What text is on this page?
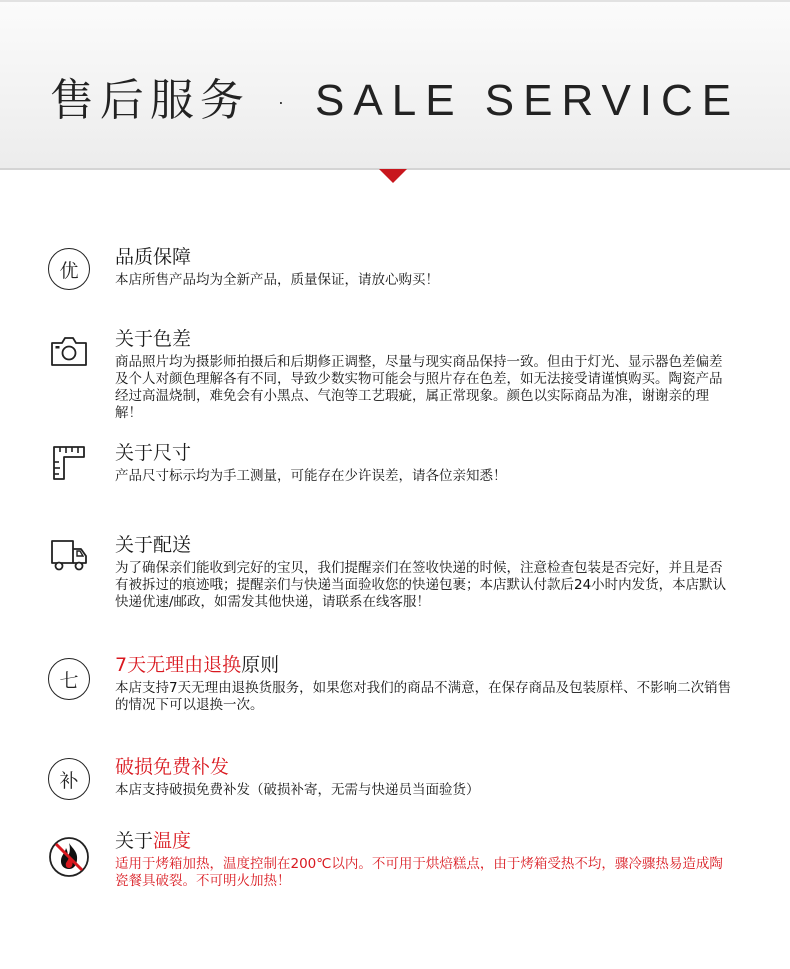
售后服务 · SALE SERVICE
优
品质保障
本店所售产品均为全新产品，质量保证，请放心购买！
关于色差
商品照片均为摄影师拍摄后和后期修正调整，尽量与现实商品保持一致。但由于灯光、显示器色差偏差及个人对颜色理解各有不同，导致少数实物可能会与照片存在色差，如无法接受请谨慎购买。陶瓷产品经过高温烧制，难免会有小黑点、气泡等工艺瑕疵，属正常现象。颜色以实际商品为准，谢谢亲的理解！
关于尺寸
产品尺寸标示均为手工测量，可能存在少许误差，请各位亲知悉！
关于配送
为了确保亲们能收到完好的宝贝，我们提醒亲们在签收快递的时候，注意检查包装是否完好，并且是否有被拆过的痕迹哦；提醒亲们与快递当面验收您的快递包裹；本店默认付款后24小时内发货，本店默认快递优速/邮政，如需发其他快递，请联系在线客服！
七
7天无理由退换原则
本店支持7天无理由退换货服务，如果您对我们的商品不满意，在保存商品及包装原样、不影响二次销售的情况下可以退换一次。
补
破损免费补发
本店支持破损免费补发（破损补寄，无需与快递员当面验货）
关于温度
适用于烤箱加热，温度控制在200℃以内。不可用于烘焙糕点，由于烤箱受热不均，骤冷骤热易造成陶瓷餐具破裂。不可明火加热！
